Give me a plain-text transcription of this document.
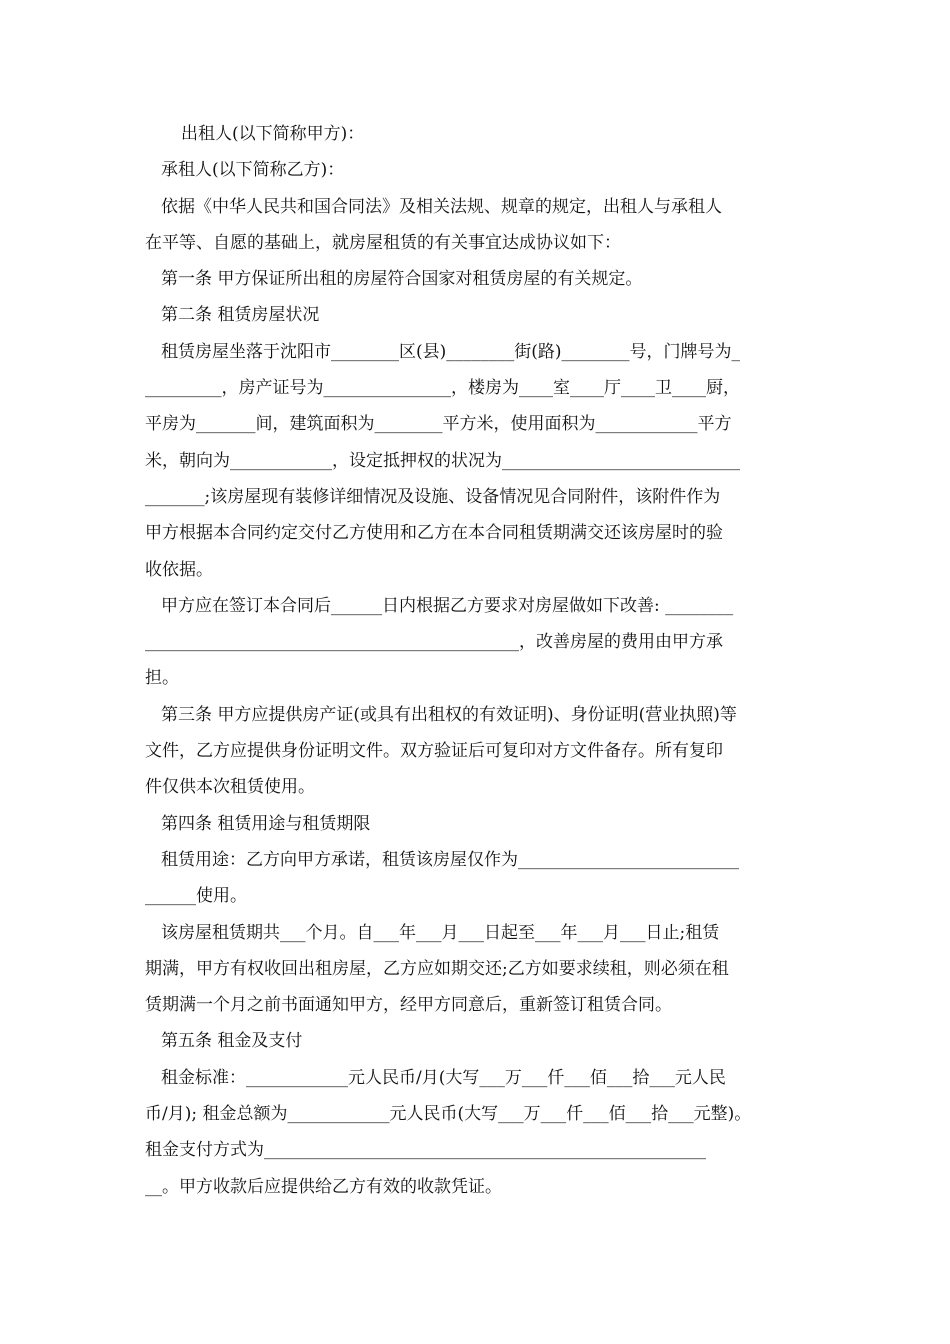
出租人(以下简称甲方)：
承租人(以下简称乙方)：
依据《中华人民共和国合同法》及相关法规、规章的规定，出租人与承租人
在平等、自愿的基础上，就房屋租赁的有关事宜达成协议如下：
第一条 甲方保证所出租的房屋符合国家对租赁房屋的有关规定。
第二条 租赁房屋状况
租赁房屋坐落于沈阳市________区(县)________街(路)________号，门牌号为_
_________，房产证号为_______________，楼房为____室____厅____卫____厨，
平房为_______间，建筑面积为________平方米，使用面积为____________平方
米，朝向为____________，设定抵押权的状况为____________________________
_______;该房屋现有装修详细情况及设施、设备情况见合同附件，该附件作为
甲方根据本合同约定交付乙方使用和乙方在本合同租赁期满交还该房屋时的验
收依据。
甲方应在签订本合同后______日内根据乙方要求对房屋做如下改善: ________
____________________________________________，改善房屋的费用由甲方承
担。
第三条 甲方应提供房产证(或具有出租权的有效证明)、身份证明(营业执照)等
文件，乙方应提供身份证明文件。双方验证后可复印对方文件备存。所有复印
件仅供本次租赁使用。
第四条 租赁用途与租赁期限
租赁用途：乙方向甲方承诺，租赁该房屋仅作为__________________________
______使用。
该房屋租赁期共___个月。自___年___月___日起至___年___月___日止;租赁
期满，甲方有权收回出租房屋，乙方应如期交还;乙方如要求续租，则必须在租
赁期满一个月之前书面通知甲方，经甲方同意后，重新签订租赁合同。
第五条 租金及支付
租金标准：____________元人民币/月(大写___万___仟___佰___拾___元人民
币/月); 租金总额为____________元人民币(大写___万___仟___佰___拾___元整)。
租金支付方式为____________________________________________________
__。甲方收款后应提供给乙方有效的收款凭证。
